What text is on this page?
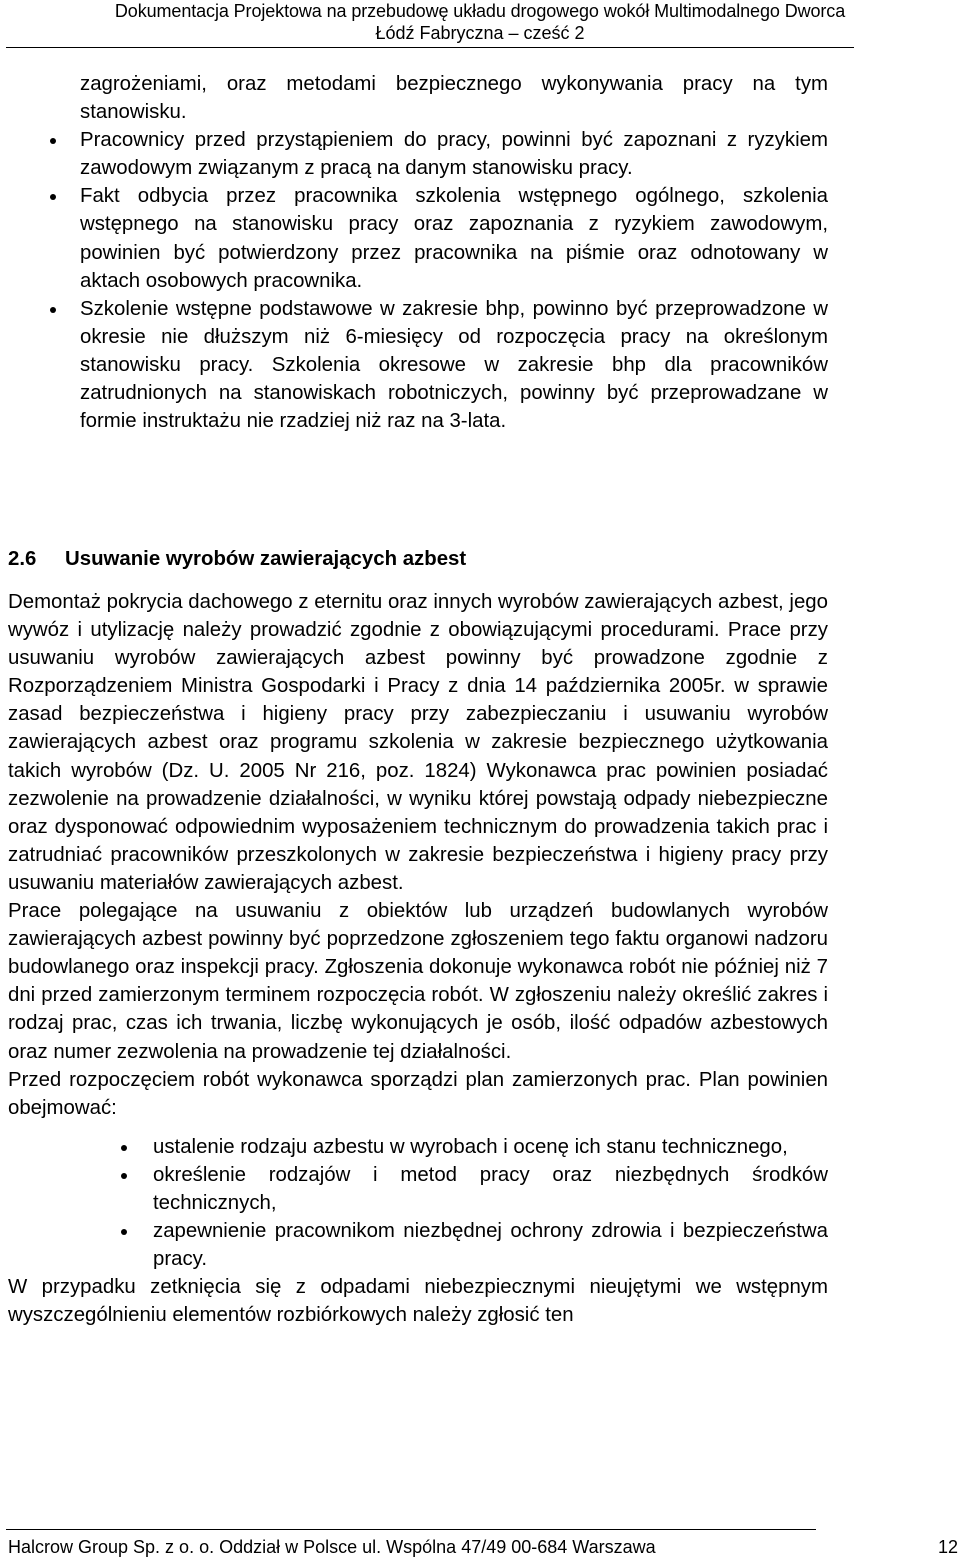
Dokumentacja Projektowa na przebudowę układu drogowego wokół Multimodalnego Dworca
Łódź Fabryczna – cześć 2
zagrożeniami, oraz metodami bezpiecznego wykonywania pracy na tym stanowisku.
Pracownicy przed przystąpieniem do pracy, powinni być zapoznani z ryzykiem zawodowym związanym z pracą na danym stanowisku pracy.
Fakt odbycia przez pracownika szkolenia wstępnego ogólnego, szkolenia wstępnego na stanowisku pracy oraz zapoznania z ryzykiem zawodowym, powinien być potwierdzony przez pracownika na piśmie oraz odnotowany w aktach osobowych pracownika.
Szkolenie wstępne podstawowe w zakresie bhp, powinno być przeprowadzone w okresie nie dłuższym niż 6-miesięcy od rozpoczęcia pracy na określonym stanowisku pracy. Szkolenia okresowe w zakresie bhp dla pracowników zatrudnionych na stanowiskach robotniczych, powinny być przeprowadzane w formie instruktażu nie rzadziej niż raz na 3-lata.
2.6 Usuwanie wyrobów zawierających azbest

Demontaż pokrycia dachowego z eternitu oraz innych wyrobów zawierających azbest, jego wywóz i utylizację należy prowadzić zgodnie z obowiązującymi procedurami. Prace przy usuwaniu wyrobów zawierających azbest powinny być prowadzone zgodnie z Rozporządzeniem Ministra Gospodarki i Pracy z dnia 14 października 2005r. w sprawie zasad bezpieczeństwa i higieny pracy przy zabezpieczaniu i usuwaniu wyrobów zawierających azbest oraz programu szkolenia w zakresie bezpiecznego użytkowania takich wyrobów (Dz. U. 2005 Nr 216, poz. 1824) Wykonawca prac powinien posiadać zezwolenie na prowadzenie działalności, w wyniku której powstają odpady niebezpieczne oraz dysponować odpowiednim wyposażeniem technicznym do prowadzenia takich prac i zatrudniać pracowników przeszkolonych w zakresie bezpieczeństwa i higieny pracy przy usuwaniu materiałów zawierających azbest.

Prace polegające na usuwaniu z obiektów lub urządzeń budowlanych wyrobów zawierających azbest powinny być poprzedzone zgłoszeniem tego faktu organowi nadzoru budowlanego oraz inspekcji pracy. Zgłoszenia dokonuje wykonawca robót nie później niż 7 dni przed zamierzonym terminem rozpoczęcia robót. W zgłoszeniu należy określić zakres i rodzaj prac, czas ich trwania, liczbę wykonujących je osób, ilość odpadów azbestowych oraz numer zezwolenia na prowadzenie tej działalności.

Przed rozpoczęciem robót wykonawca sporządzi plan zamierzonych prac. Plan powinien obejmować:

ustalenie rodzaju azbestu w wyrobach i ocenę ich stanu technicznego,
określenie rodzajów i metod pracy oraz niezbędnych środków technicznych,
zapewnienie pracownikom niezbędnej ochrony zdrowia i bezpieczeństwa pracy.

W przypadku zetknięcia się z odpadami niebezpiecznymi nieujętymi we wstępnym wyszczególnieniu elementów rozbiórkowych należy zgłosić ten

Halcrow Group Sp. z o. o. Oddział w Polsce ul. Wspólna 47/49 00-684 Warszawa	12
